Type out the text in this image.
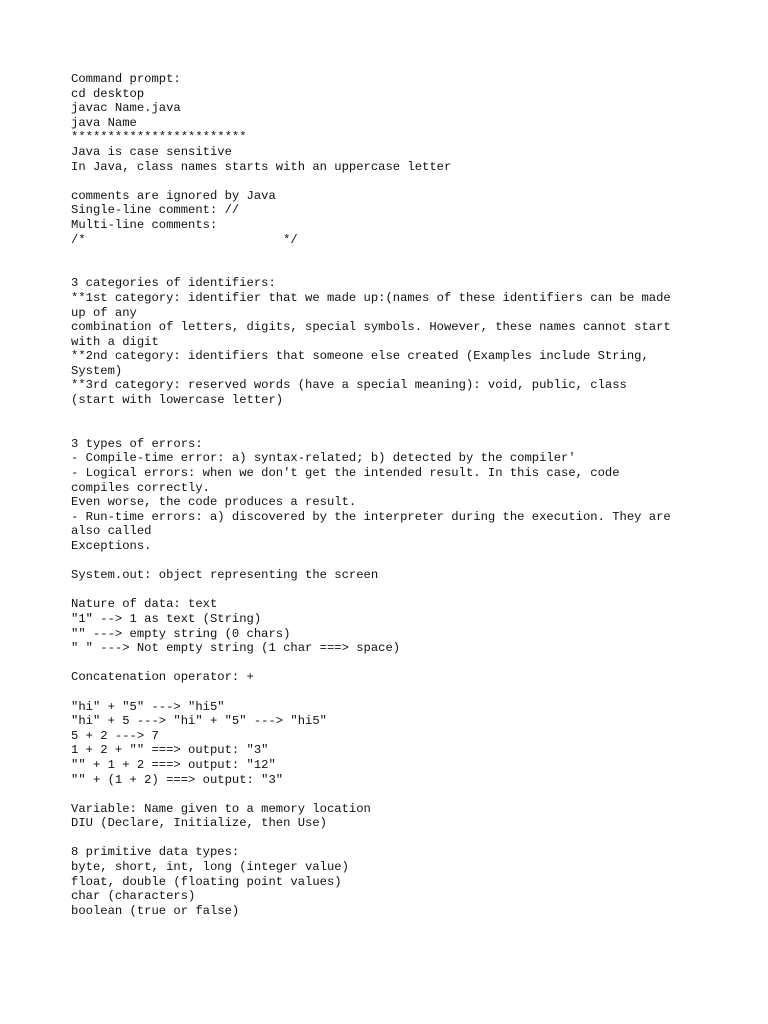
Command prompt:
cd desktop
javac Name.java
java Name
************************
Java is case sensitive
In Java, class names starts with an uppercase letter
comments are ignored by Java
Single-line comment: //
Multi-line comments:
/*                           */
3 categories of identifiers:
**1st category: identifier that we made up:(names of these identifiers can be made
up of any
combination of letters, digits, special symbols. However, these names cannot start
with a digit
**2nd category: identifiers that someone else created (Examples include String,
System)
**3rd category: reserved words (have a special meaning): void, public, class
(start with lowercase letter)
3 types of errors:
- Compile-time error: a) syntax-related; b) detected by the compiler'
- Logical errors: when we don't get the intended result. In this case, code
compiles correctly.
Even worse, the code produces a result.
- Run-time errors: a) discovered by the interpreter during the execution. They are
also called
Exceptions.
System.out: object representing the screen
Nature of data: text
"1" --> 1 as text (String)
"" ---> empty string (0 chars)
" " ---> Not empty string (1 char ===> space)
Concatenation operator: +
"hi" + "5" ---> "hi5"
"hi" + 5 ---> "hi" + "5" ---> "hi5"
5 + 2 ---> 7
1 + 2 + "" ===> output: "3"
"" + 1 + 2 ===> output: "12"
"" + (1 + 2) ===> output: "3"
Variable: Name given to a memory location
DIU (Declare, Initialize, then Use)
8 primitive data types:
byte, short, int, long (integer value)
float, double (floating point values)
char (characters)
boolean (true or false)
